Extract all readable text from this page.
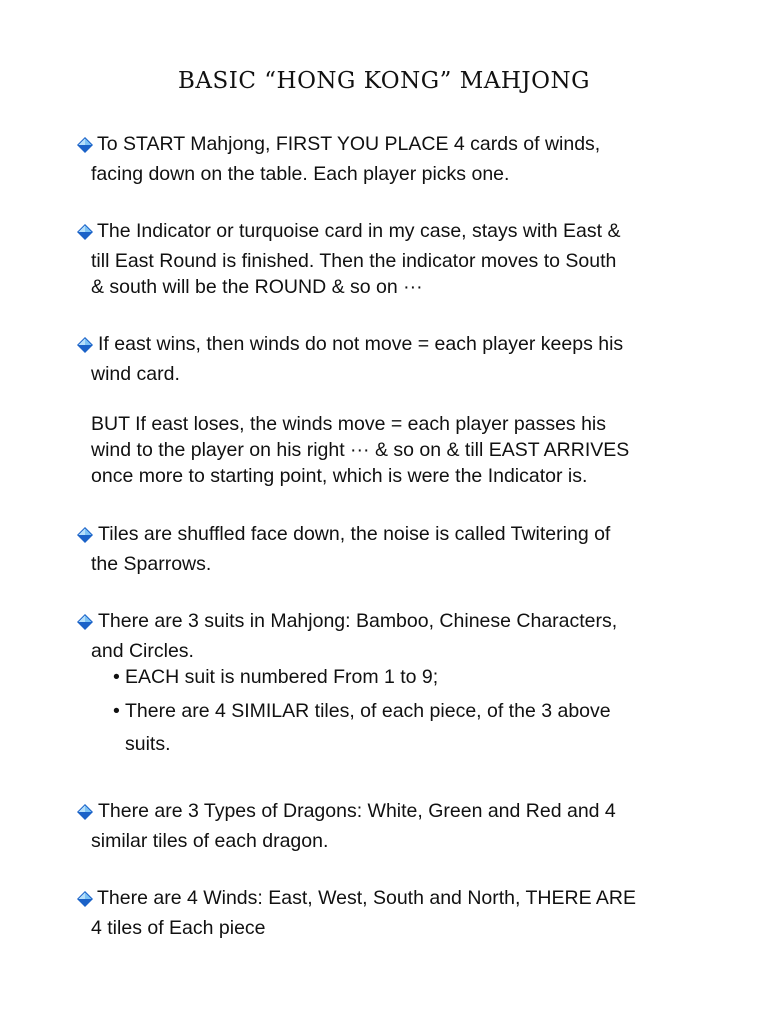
BASIC “HONG KONG” MAHJONG
To START Mahjong, FIRST YOU PLACE 4 cards of winds,
facing down on the table. Each player picks one.
The Indicator or turquoise card in my case, stays with East &
till East Round is finished. Then the indicator moves to South
& south will be the ROUND & so on ···
If east wins, then winds do not move = each player keeps his
wind card.
BUT If east loses, the winds move = each player passes his
wind to the player on his right ··· & so on & till EAST ARRIVES
once more to starting point, which is were the Indicator is.
Tiles are shuffled face down, the noise is called Twitering of
the Sparrows.
There are 3 suits in Mahjong: Bamboo, Chinese Characters,
and Circles.
• EACH suit is numbered From 1 to 9;
• There are 4 SIMILAR tiles, of each piece, of the 3 above
suits.
There are 3 Types of Dragons: White, Green and Red and 4
similar tiles of each dragon.
There are 4 Winds: East, West, South and North, THERE ARE
4 tiles of Each piece
